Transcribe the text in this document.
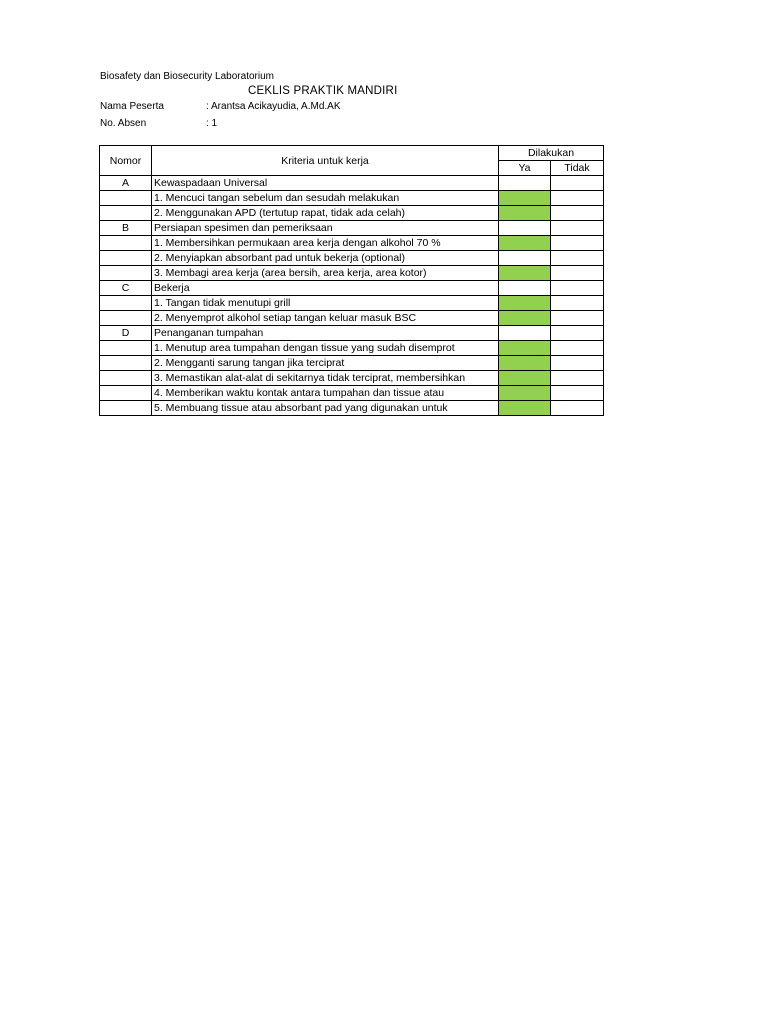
Biosafety dan Biosecurity Laboratorium
CEKLIS PRAKTIK MANDIRI
Nama Peserta	: Arantsa Acikayudia, A.Md.AK
No. Absen	: 1
Nomor	Kriteria untuk kerja	Dilakukan	
		Ya	Tidak
A	Kewaspadaan Universal		
	1. Mencuci tangan sebelum dan sesudah melakukan		
	2. Menggunakan APD (tertutup rapat, tidak ada celah)		
B	Persiapan spesimen dan pemeriksaan		
	1. Membersihkan permukaan area kerja dengan alkohol 70 %		
	2. Menyiapkan absorbant pad untuk bekerja (optional)		
	3. Membagi area kerja (area bersih, area kerja, area kotor)		
C	Bekerja		
	1. Tangan tidak menutupi grill		
	2. Menyemprot alkohol setiap tangan keluar masuk BSC		
D	Penanganan tumpahan		
	1. Menutup area tumpahan dengan tissue yang sudah disemprot		
	2. Mengganti sarung tangan jika terciprat		
	3. Memastikan alat-alat di sekitarnya tidak terciprat, membersihkan		
	4. Memberikan waktu kontak antara tumpahan dan tissue atau		
	5. Membuang tissue atau absorbant pad yang digunakan untuk		
